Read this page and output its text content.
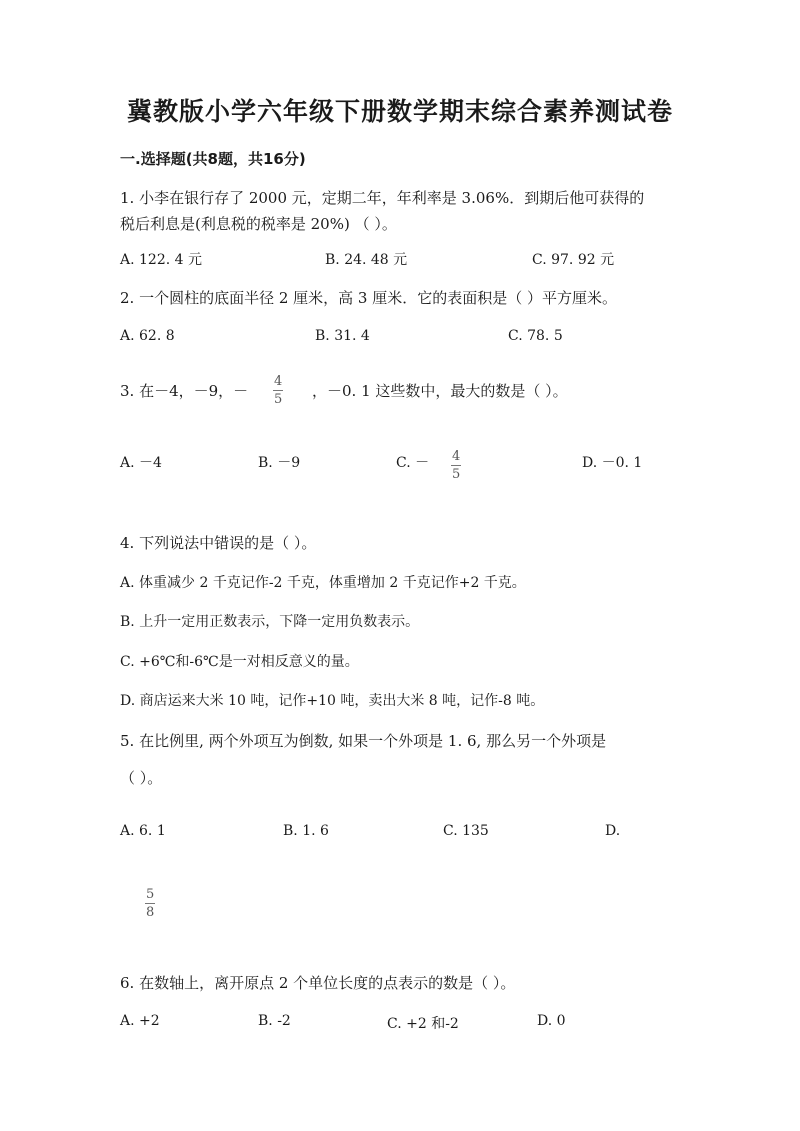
冀教版小学六年级下册数学期末综合素养测试卷
一.选择题(共8题，共16分)
1. 小李在银行存了 2000 元，定期二年，年利率是 3.06%．到期后他可获得的
税后利息是(利息税的税率是 20%) （ ）。
A. 122. 4 元	B. 24. 48 元	C. 97. 92 元
2. 一个圆柱的底面半径 2 厘米，高 3 厘米．它的表面积是（ ）平方厘米。
A. 62. 8	B. 31. 4	C. 78. 5
3. 在－4，－9，－
4
5 ，－0. 1 这些数中，最大的数是（ ）。
A. －4	B. －9	C. － 4
5
D. －0. 1
4. 下列说法中错误的是（ ）。
A. 体重减少 2 千克记作-2 千克，体重增加 2 千克记作+2 千克。
B. 上升一定用正数表示，下降一定用负数表示。
C. +6℃和-6℃是一对相反意义的量。
D. 商店运来大米 10 吨，记作+10 吨，卖出大米 8 吨，记作-8 吨。
5. 在比例里, 两个外项互为倒数, 如果一个外项是 1. 6, 那么另一个外项是
（ ）。
A. 6. 1	B. 1. 6	C. 135	D.
5
8
6. 在数轴上，离开原点 2 个单位长度的点表示的数是（ ）。
A. +2	B. -2	C. +2 和-2	D. 0
